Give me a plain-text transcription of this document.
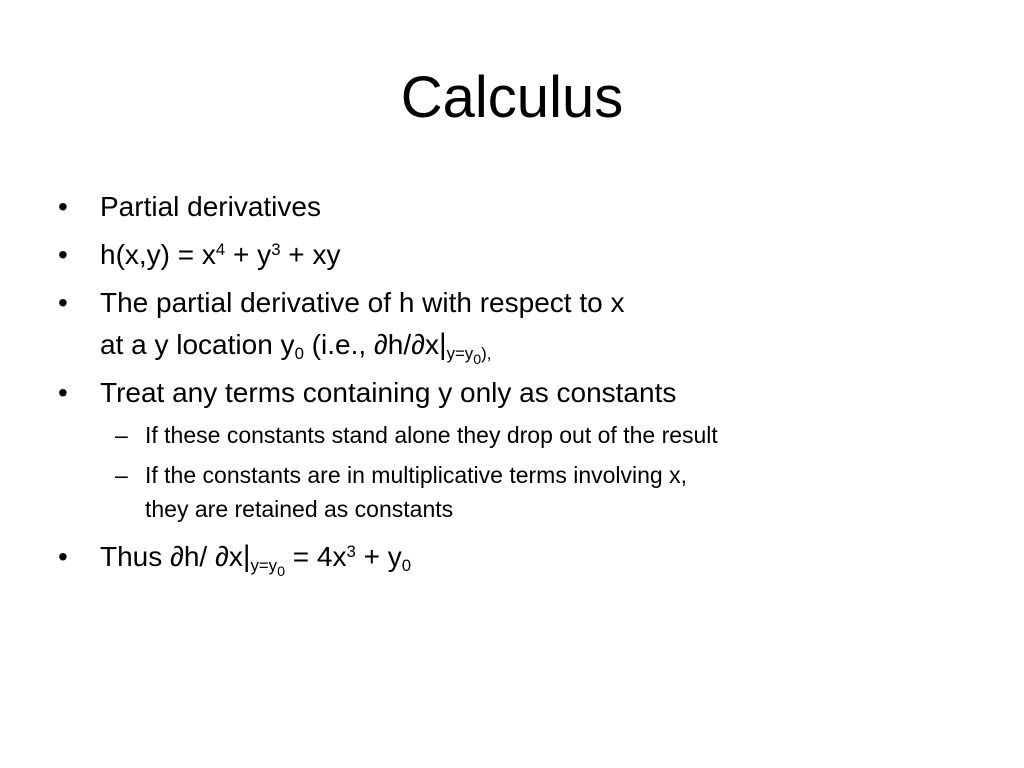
Calculus
• Partial derivatives
• $h(x,y) = x^4 + y^3$ + xy
• The partial derivative of h with respect to x
at a y location $y_0$ (i.e., $\partial h/\partial x|_{y=y_0),}$
• Treat any terms containing y only as constants
– If these constants stand alone they drop out of the result
– If the constants are in multiplicative terms involving x, they are retained as constants
• Thus ∂h/ $\partial x|_{y=y_0} = 4x^3 + y_0$
